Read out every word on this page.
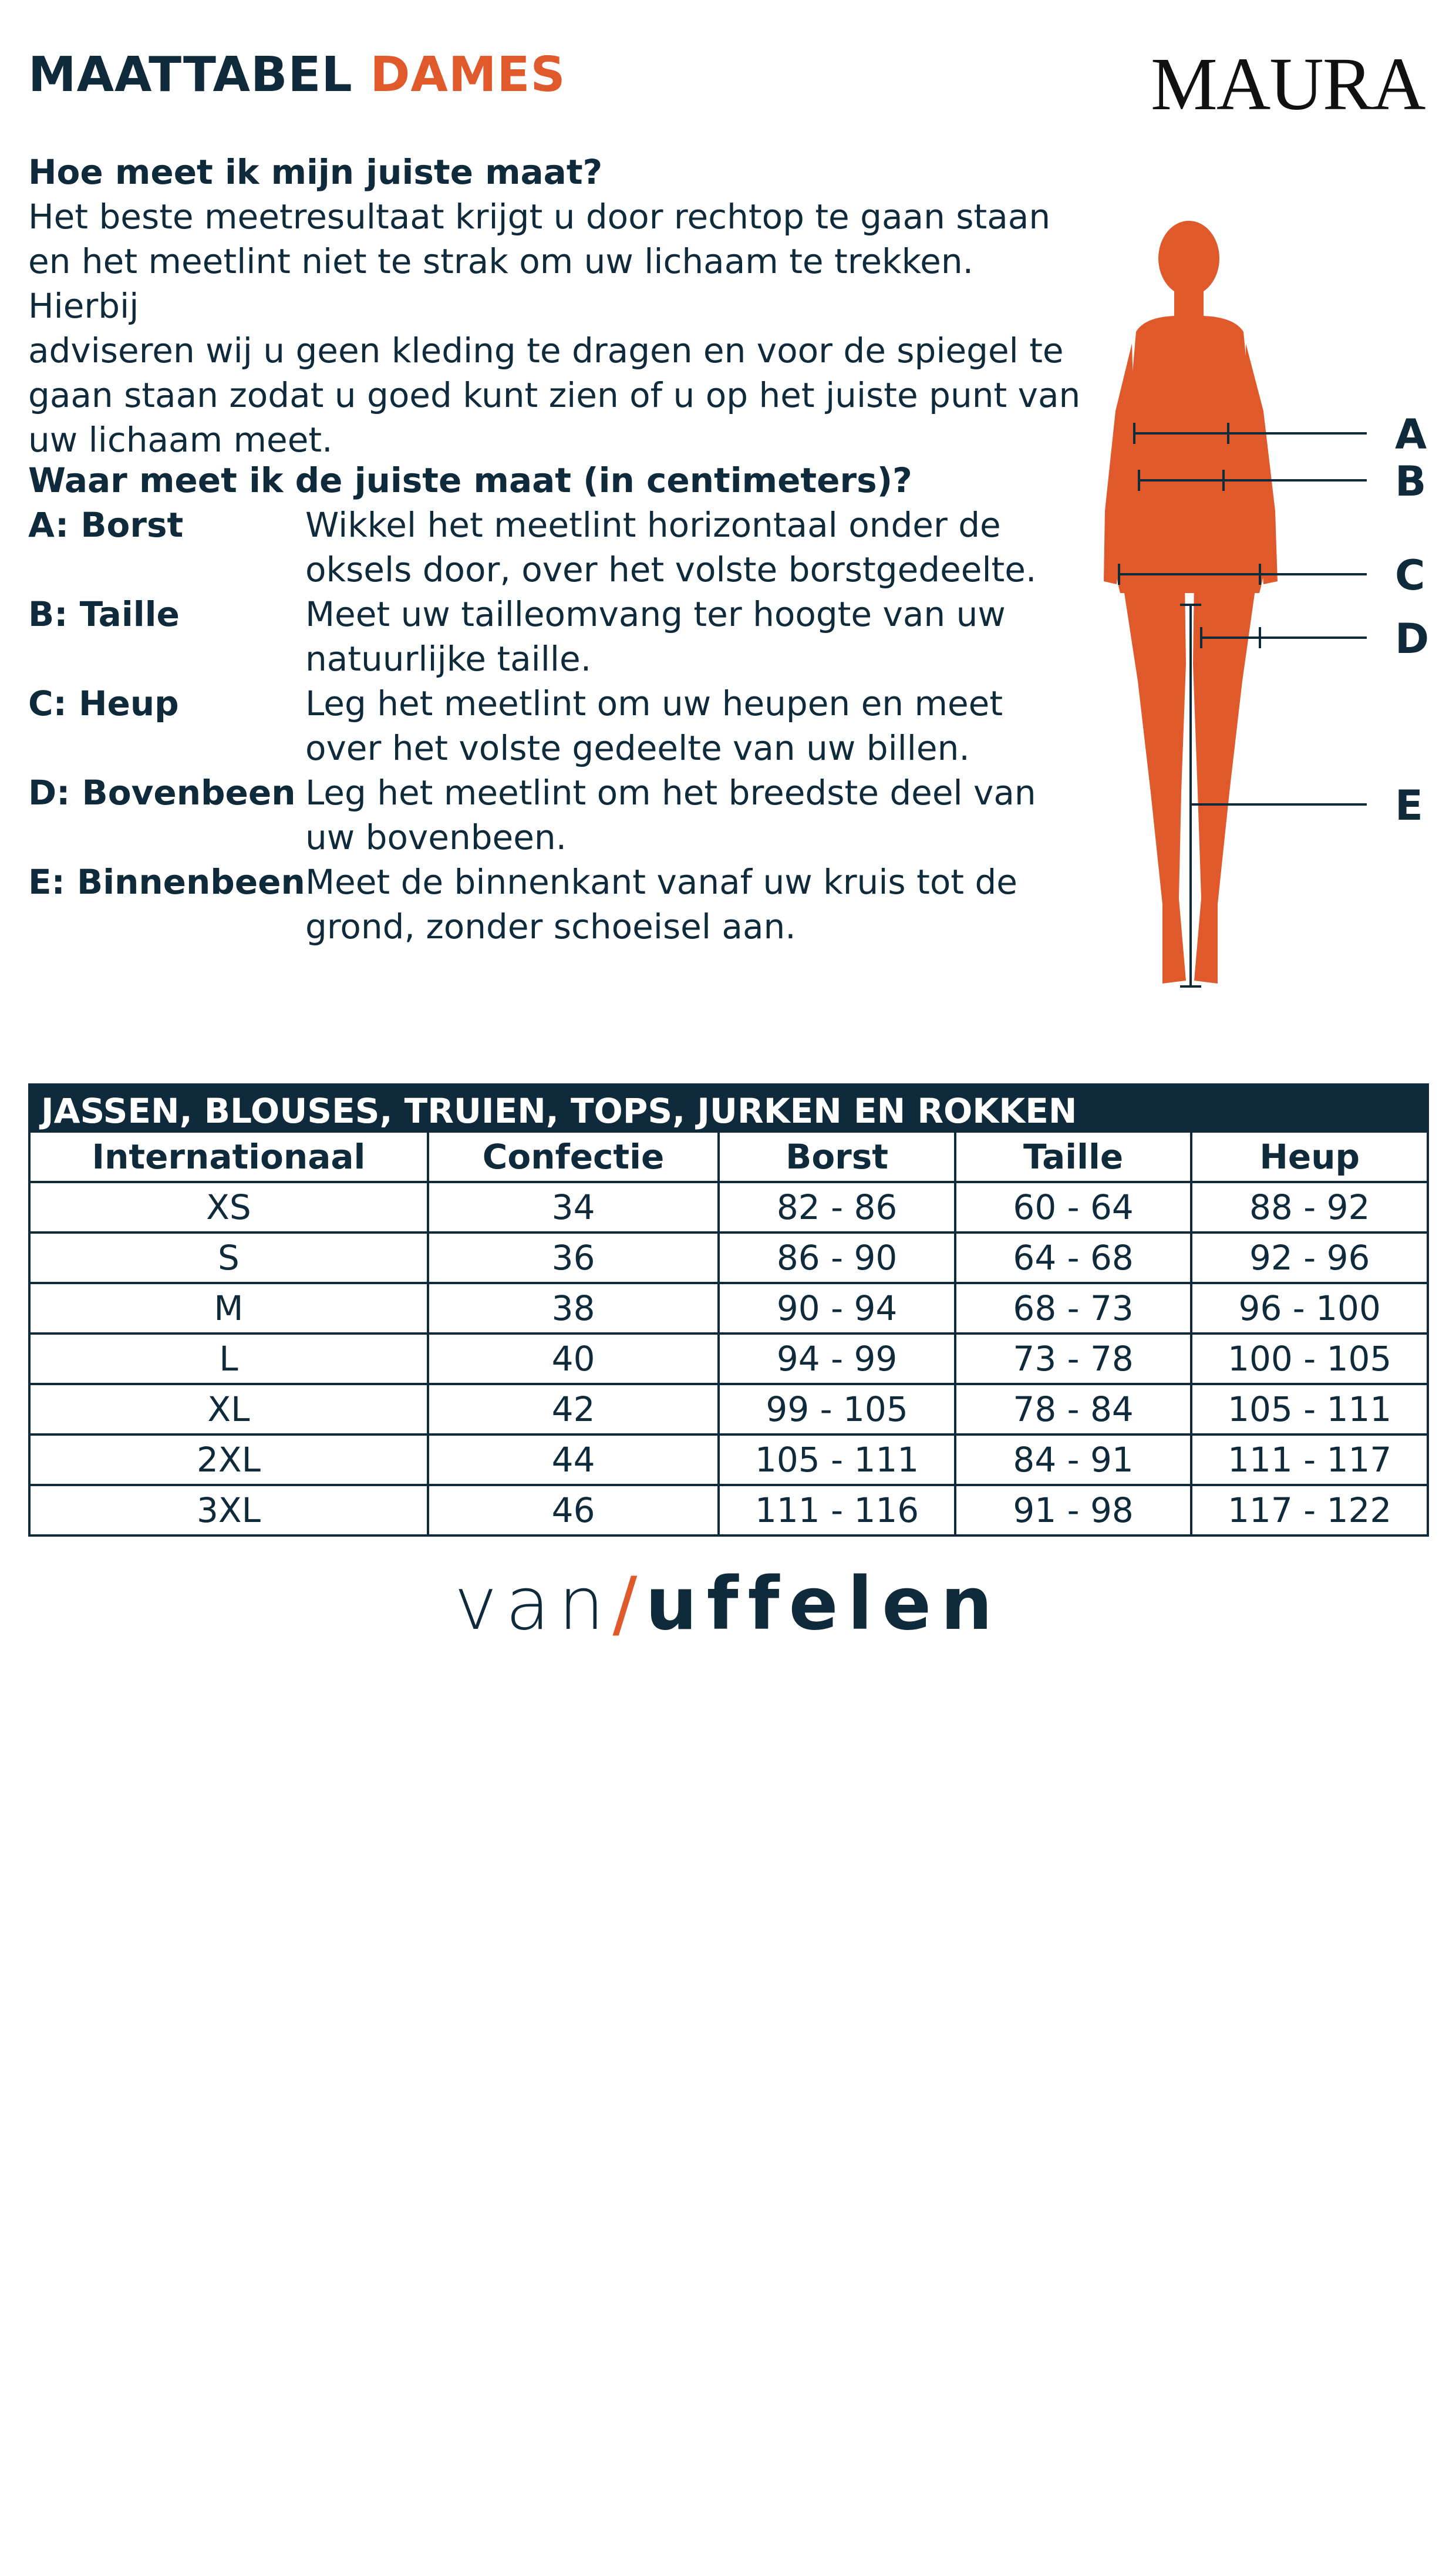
MAATTABEL DAMES	MAURA
Hoe meet ik mijn juiste maat?

Het beste meetresultaat krijgt u door rechtop te gaan staan

en het meetlint niet te strak om uw lichaam te trekken. Hierbij

adviseren wij u geen kleding te dragen en voor de spiegel te

gaan staan zodat u goed kunt zien of u op het juiste punt van

uw lichaam meet.

Waar meet ik de juiste maat (in centimeters)?
A: Borst	Wikkel het meetlint horizontaal onder de
oksels door, over het volste borstgedeelte.
B: Taille	Meet uw tailleomvang ter hoogte van uw
natuurlijke taille.
C: Heup	Leg het meetlint om uw heupen en meet
over het volste gedeelte van uw billen.
D: Bovenbeen Leg het meetlint om het breedste deel van
uw bovenbeen.
E: Binnenbeen Meet de binnenkant vanaf uw kruis tot de
grond, zonder schoeisel aan.
A
B
C
D
E
JASSEN, BLOUSES, TRUIEN, TOPS, JURKEN EN ROKKEN
Internationaal	Confectie	Borst	Taille	Heup
XS	34	82 - 86	60 - 64	88 - 92
S	36	86 - 90	64 - 68	92 - 96
M	38	90 - 94	68 - 73	96 - 100
L	40	94 - 99	73 - 78	100 - 105
XL	42	99 - 105	78 - 84	105 - 111
2XL	44	105 - 111	84 - 91	111 - 117
3XL	46	111 - 116	91 - 98	117 - 122
van/uffelen
